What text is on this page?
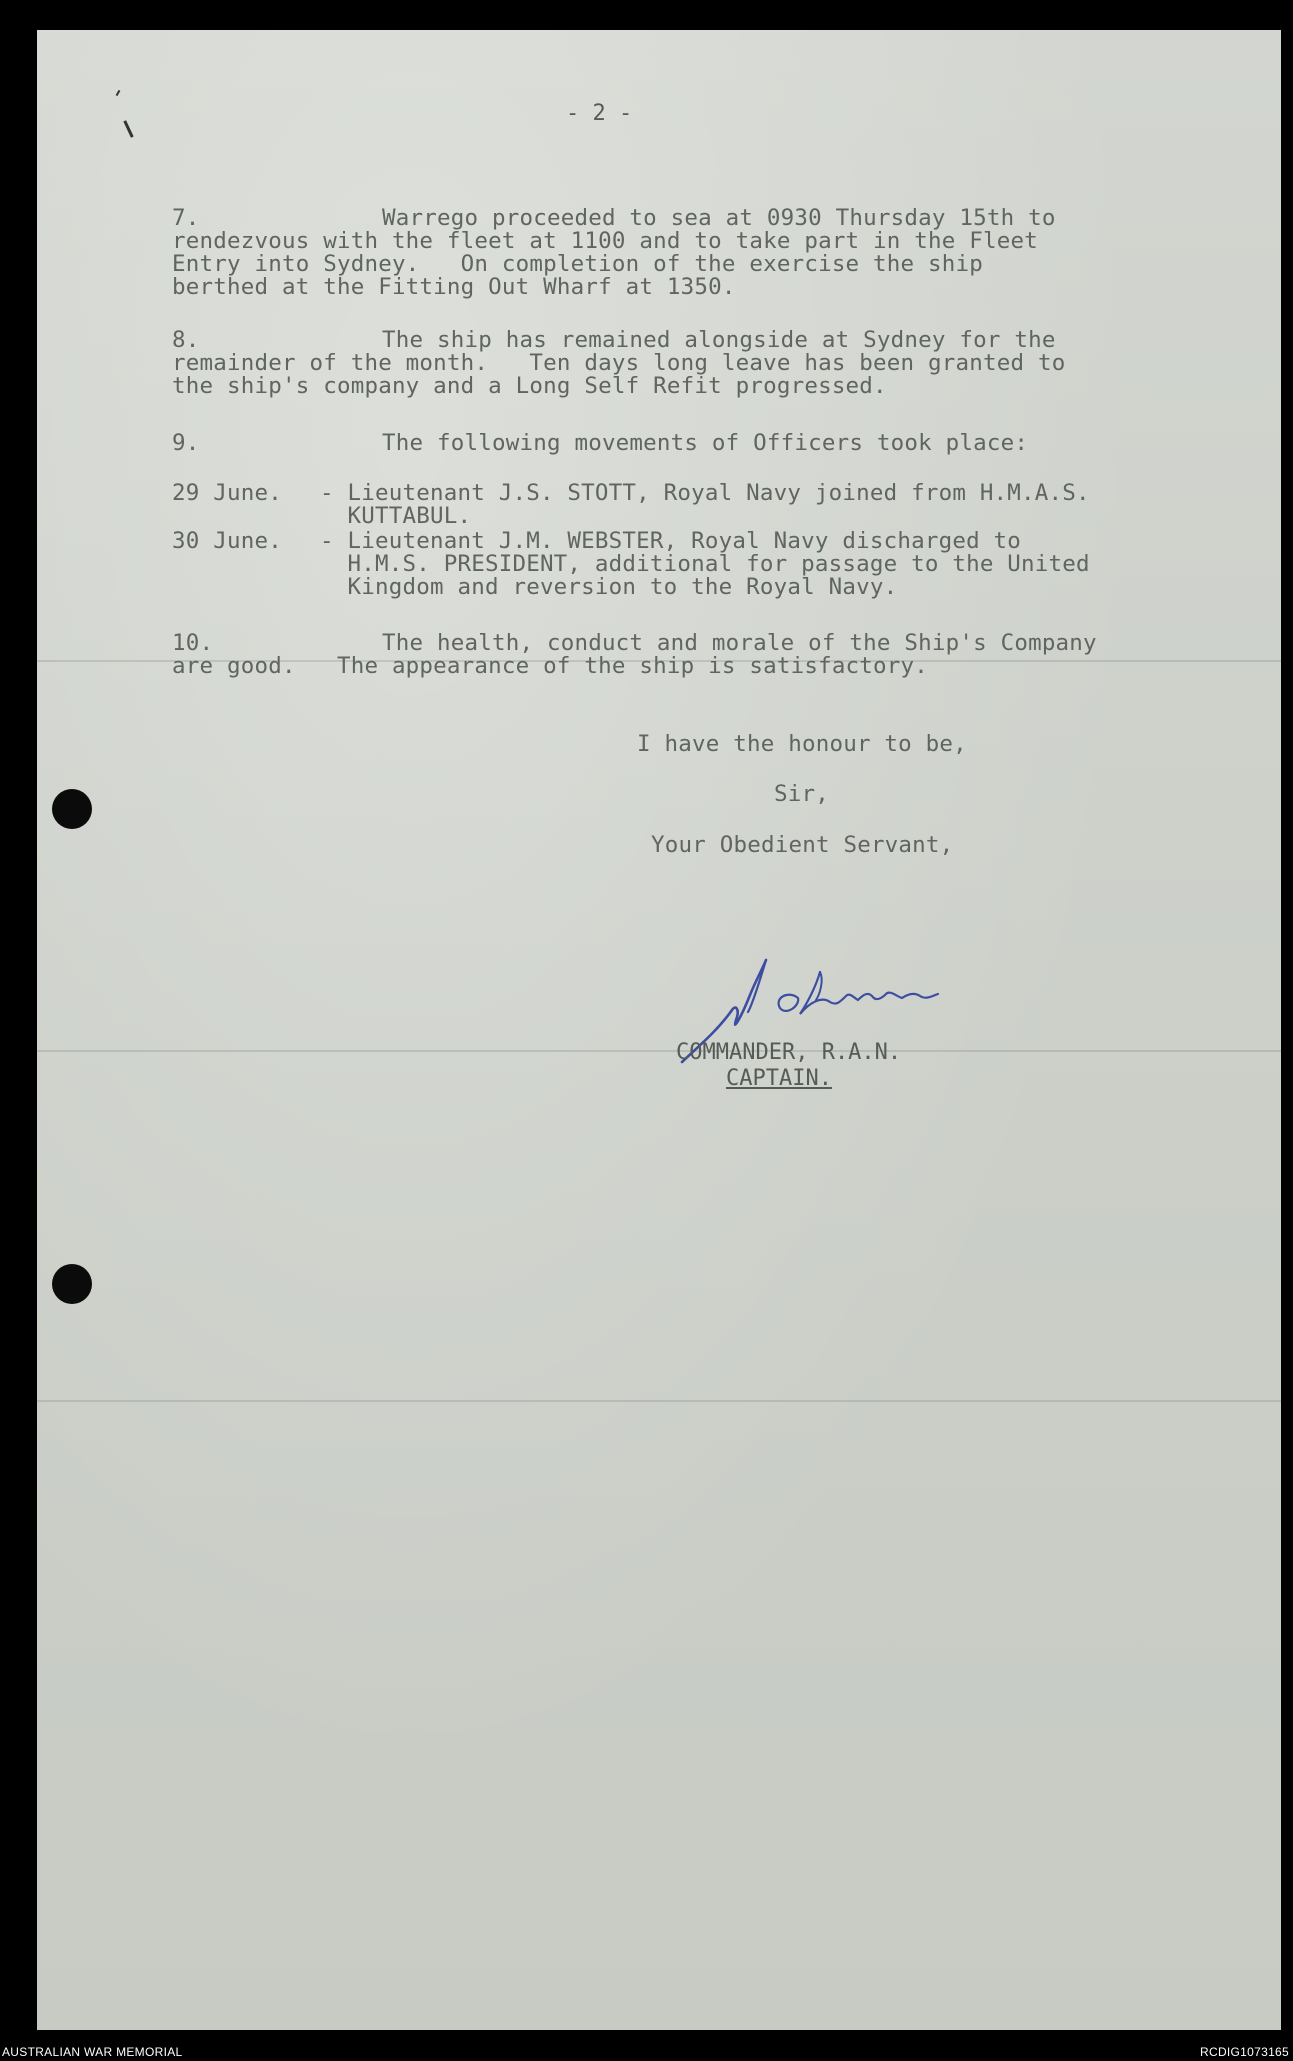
- 2 -
7.	Warrego proceeded to sea at 0930 Thursday 15th to
rendezvous with the fleet at 1100 and to take part in the Fleet
Entry into Sydney.   On completion of the exercise the ship
berthed at the Fitting Out Wharf at 1350.
8.	The ship has remained alongside at Sydney for the
remainder of the month.   Ten days long leave has been granted to
the ship's company and a Long Self Refit progressed.
9.	The following movements of Officers took place:
29 June. - Lieutenant J.S. STOTT, Royal Navy joined from H.M.A.S.
KUTTABUL.
30 June. - Lieutenant J.M. WEBSTER, Royal Navy discharged to
H.M.S. PRESIDENT, additional for passage to the United
Kingdom and reversion to the Royal Navy.
10.	The health, conduct and morale of the Ship's Company
are good.   The appearance of the ship is satisfactory.
I have the honour to be,
Sir,
Your Obedient Servant,
COMMANDER, R.A.N.
CAPTAIN.
AUSTRALIAN WAR MEMORIAL	RCDIG1073165
